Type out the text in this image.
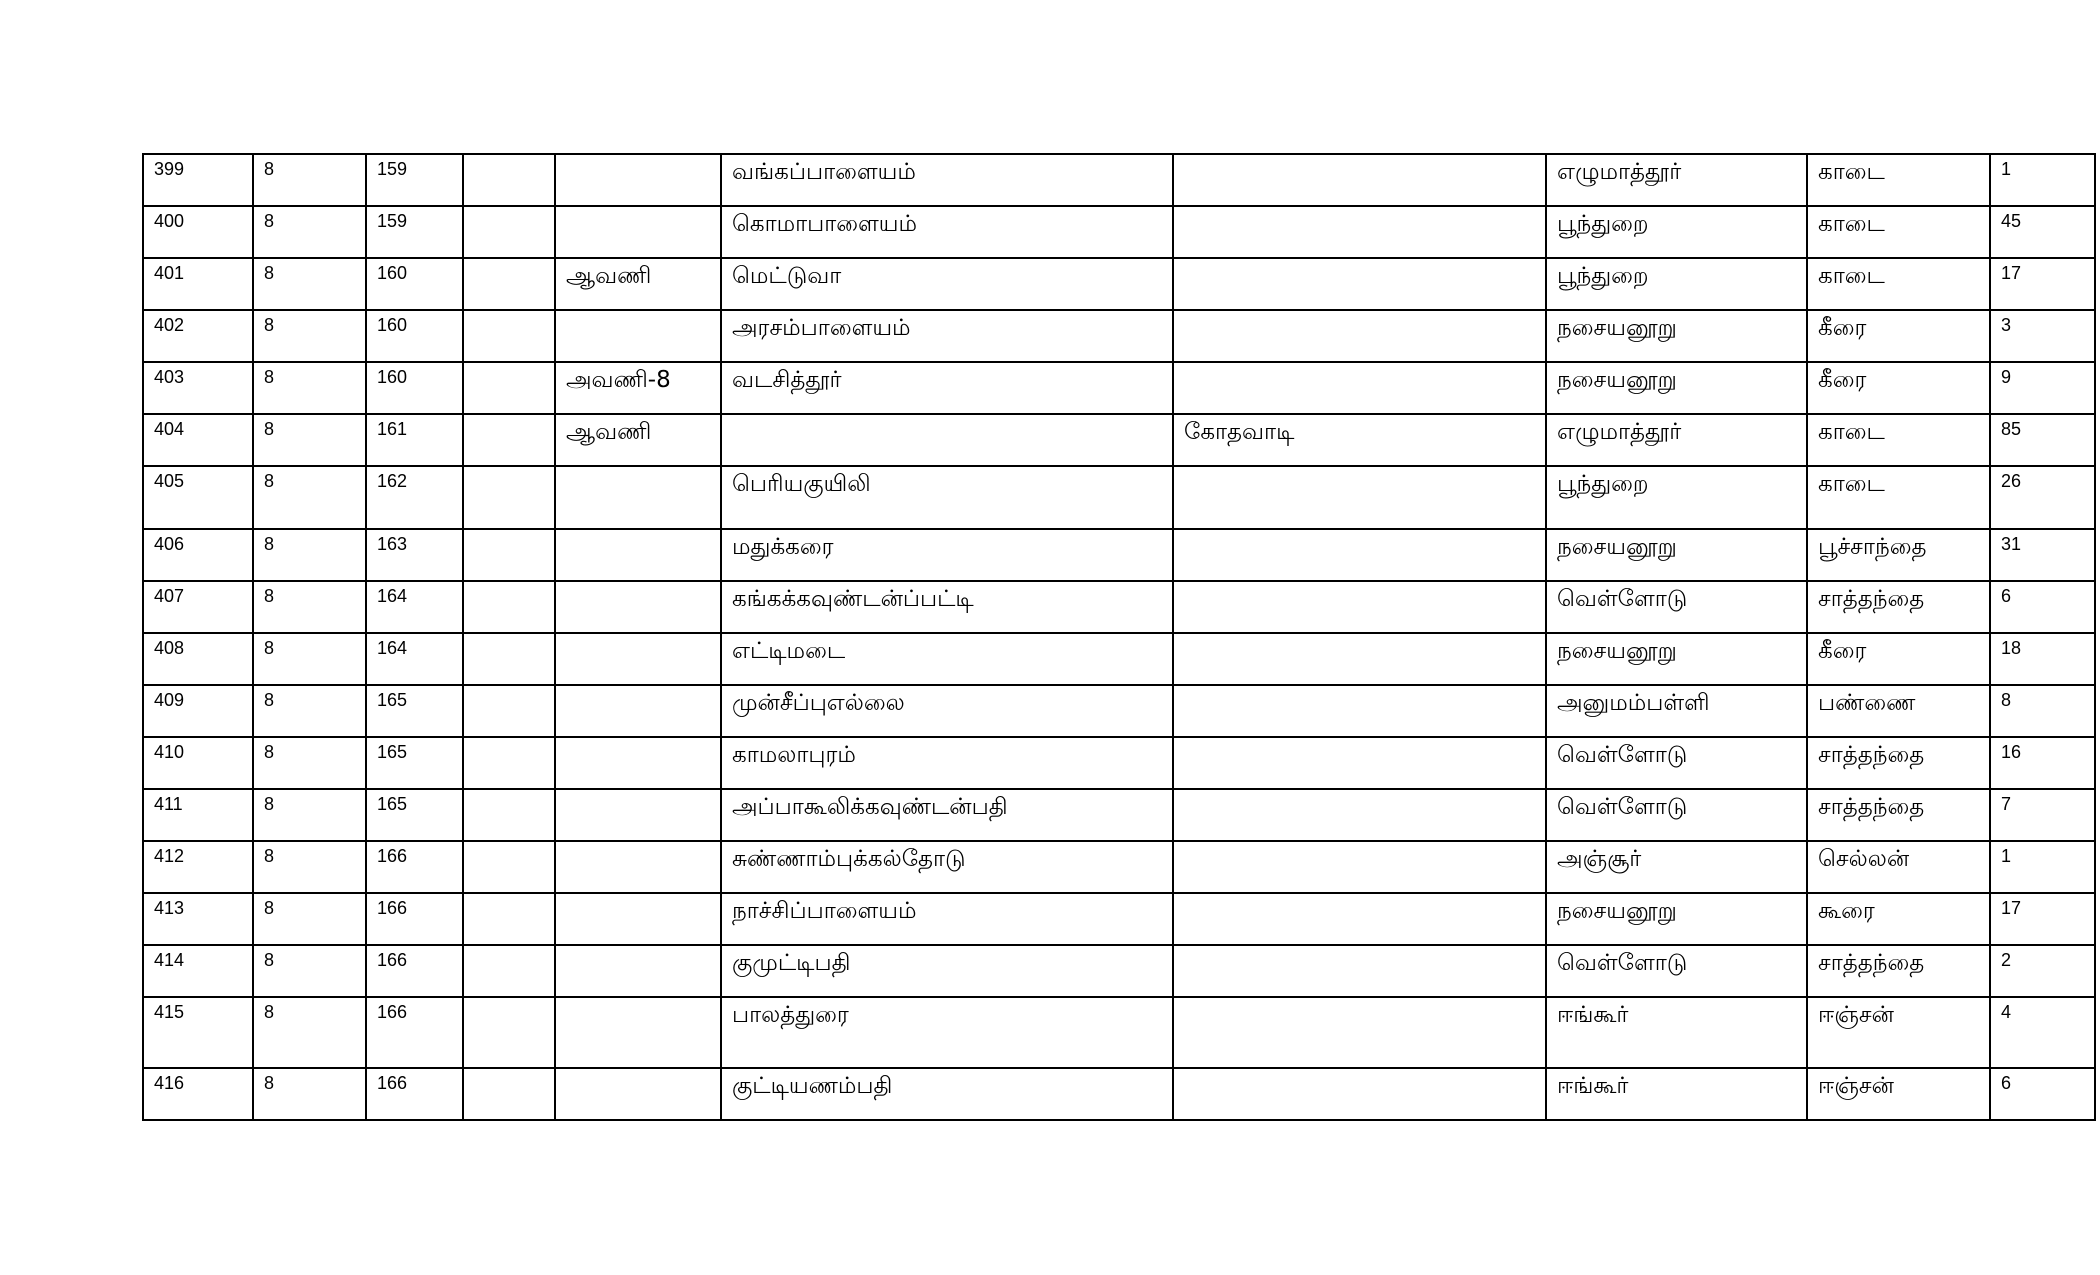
399	8	159			வங்கப்பாளையம்		எழுமாத்தூர்	காடை	1
400	8	159			கொமாபாளையம்		பூந்துறை	காடை	45
401	8	160		ஆவணி	மெட்டுவா		பூந்துறை	காடை	17
402	8	160			அரசம்பாளையம்		நசையனூறு	கீரை	3
403	8	160		அவணி-8	வடசித்தூர்		நசையனூறு	கீரை	9
404	8	161		ஆவணி		கோதவாடி	எழுமாத்தூர்	காடை	85
405	8	162			பெரியகுயிலி		பூந்துறை	காடை	26
406	8	163			மதுக்கரை		நசையனூறு	பூச்சாந்தை	31
407	8	164			கங்கக்கவுண்டன்ப்பட்டி		வெள்ளோடு	சாத்தந்தை	6
408	8	164			எட்டிமடை		நசையனூறு	கீரை	18
409	8	165			முன்சீப்புஎல்லை		அனுமம்பள்ளி	பண்ணை	8
410	8	165			காமலாபுரம்		வெள்ளோடு	சாத்தந்தை	16
411	8	165			அப்பாகூலிக்கவுண்டன்பதி		வெள்ளோடு	சாத்தந்தை	7
412	8	166			சுண்ணாம்புக்கல்தோடு		அஞ்சூர்	செல்லன்	1
413	8	166			நாச்சிப்பாளையம்		நசையனூறு	கூரை	17
414	8	166			குமுட்டிபதி		வெள்ளோடு	சாத்தந்தை	2
415	8	166			பாலத்துரை		ஈங்கூர்	ஈஞ்சன்	4
416	8	166			குட்டியணம்பதி		ஈங்கூர்	ஈஞ்சன்	6
